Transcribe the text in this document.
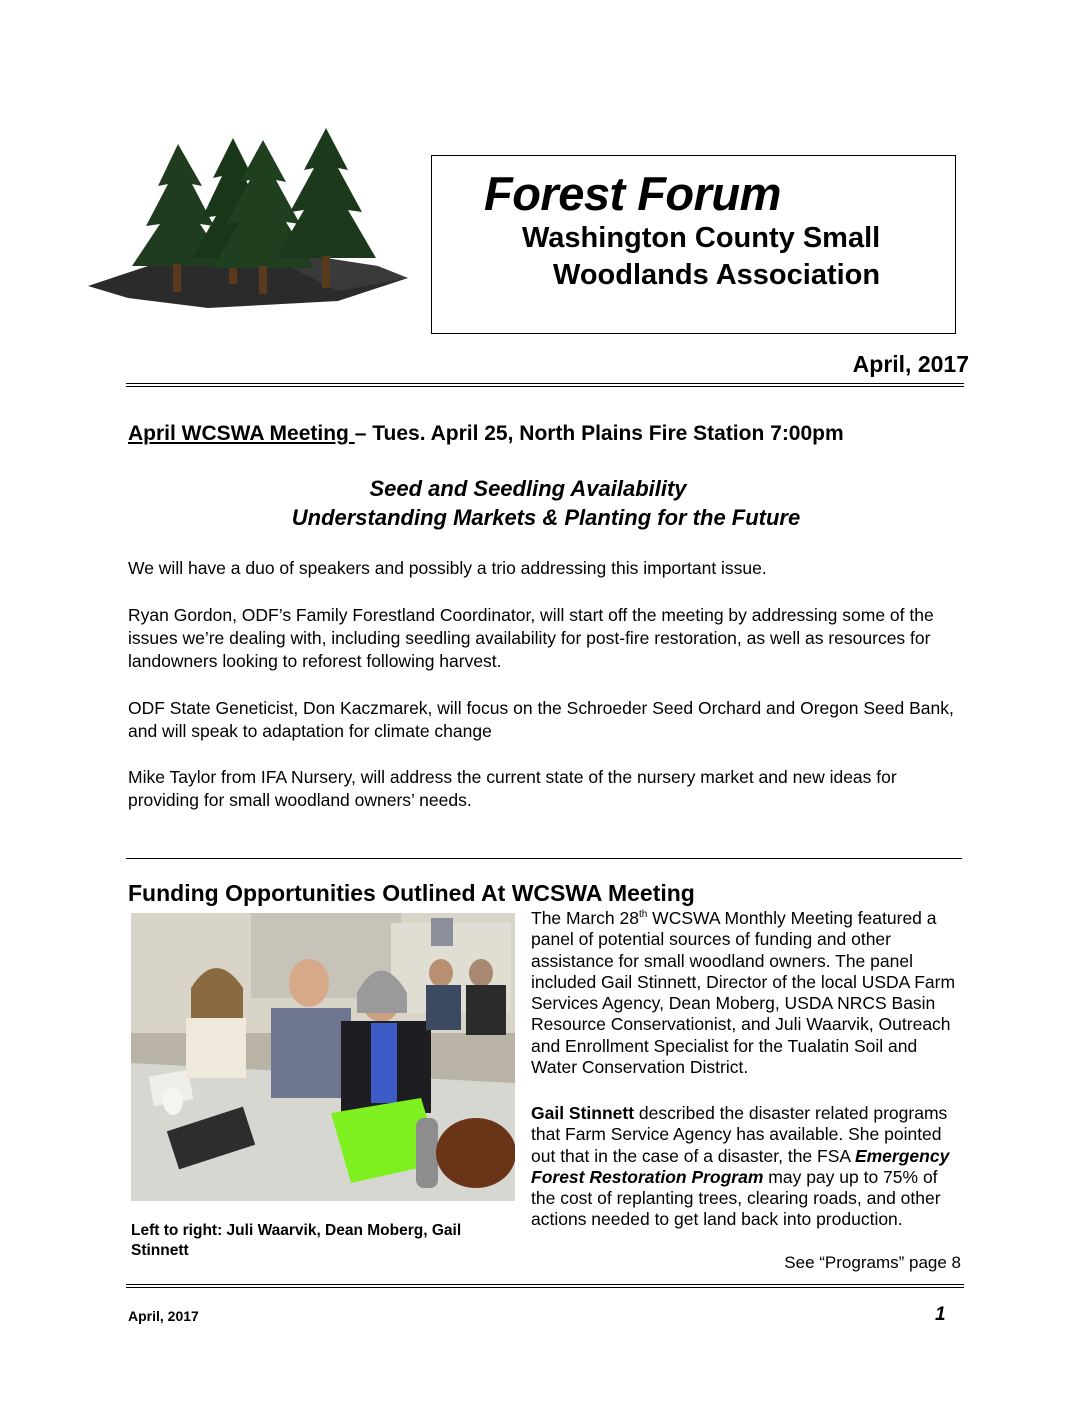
Forest Forum
Washington County Small
Woodlands Association
April, 2017
April WCSWA Meeting – Tues. April 25, North Plains Fire Station 7:00pm
Seed and Seedling Availability
Understanding Markets & Planting for the Future
We will have a duo of speakers and possibly a trio addressing this important issue.
Ryan Gordon, ODF’s Family Forestland Coordinator, will start off the meeting by addressing some of the issues we’re dealing with, including seedling availability for post-fire restoration, as well as resources for landowners looking to reforest following harvest.
ODF State Geneticist, Don Kaczmarek, will focus on the Schroeder Seed Orchard and Oregon Seed Bank, and will speak to adaptation for climate change
Mike Taylor from IFA Nursery, will address the current state of the nursery market and new ideas for providing for small woodland owners’ needs.
Funding Opportunities Outlined At WCSWA Meeting
Left to right: Juli Waarvik, Dean Moberg, Gail Stinnett
The March 28th WCSWA Monthly Meeting featured a panel of potential sources of funding and other assistance for small woodland owners. The panel included Gail Stinnett, Director of the local USDA Farm Services Agency, Dean Moberg, USDA NRCS Basin Resource Conservationist, and Juli Waarvik, Outreach and Enrollment Specialist for the Tualatin Soil and Water Conservation District.
Gail Stinnett described the disaster related programs that Farm Service Agency has available. She pointed out that in the case of a disaster, the FSA Emergency Forest Restoration Program may pay up to 75% of the cost of replanting trees, clearing roads, and other actions needed to get land back into production.
See “Programs” page 8
April, 2017	1
